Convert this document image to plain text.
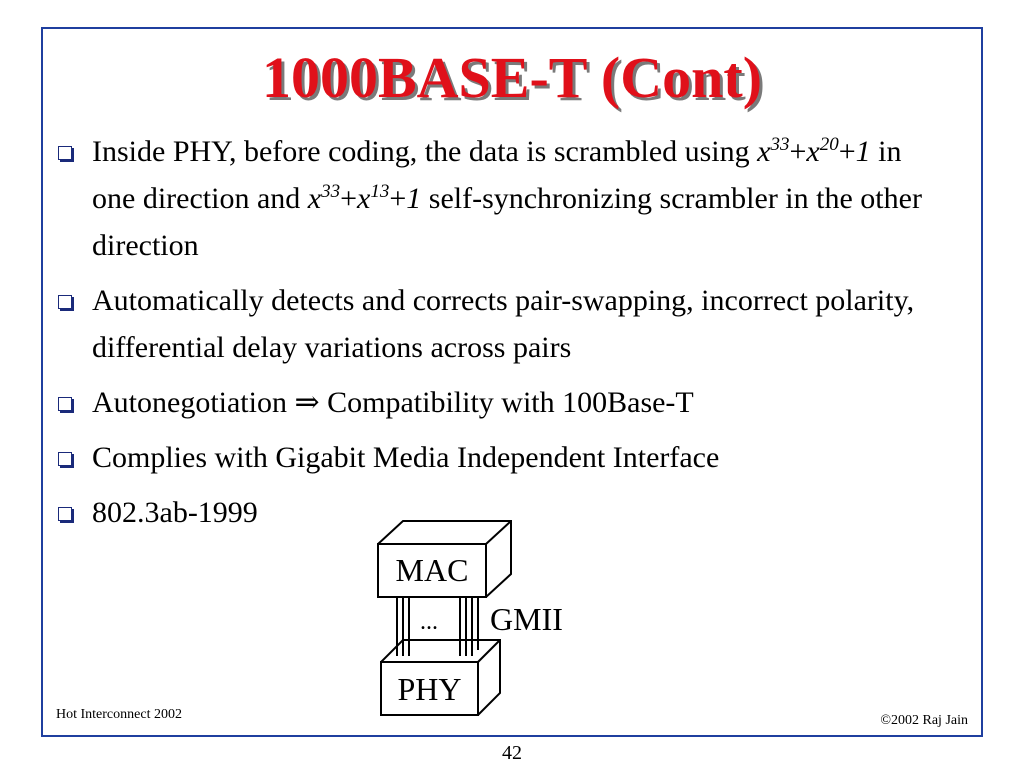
1000BASE-T (Cont)
Inside PHY, before coding, the data is scrambled using $x^{33}+x^{20}+1$ in one direction and $x^{33}+x^{13}+1$ self-synchronizing scrambler in the other direction
Automatically detects and corrects pair-swapping, incorrect polarity, differential delay variations across pairs
Autonegotiation ⇒ Compatibility with 100Base-T
Complies with Gigabit Media Independent Interface
802.3ab-1999
MAC
... GMII
PHY
Hot Interconnect 2002	©2002 Raj Jain
42
